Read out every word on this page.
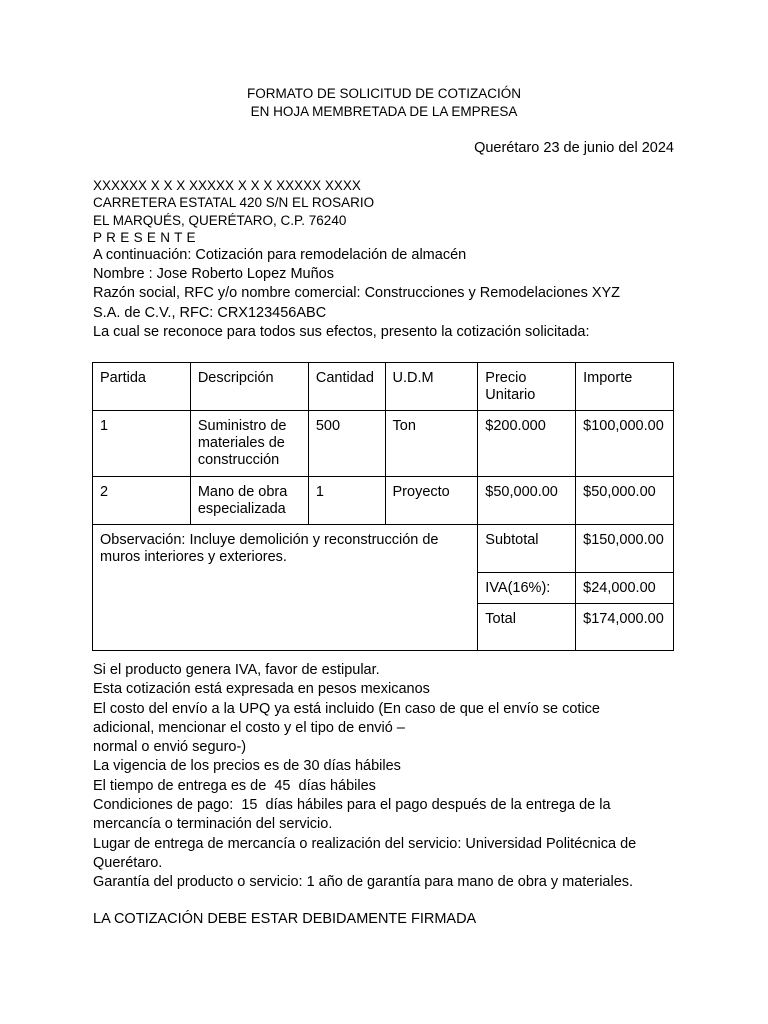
FORMATO DE SOLICITUD DE COTIZACIÓN
EN HOJA MEMBRETADA DE LA EMPRESA
Querétaro 23 de junio del 2024
XXXXXX X X X XXXXX X X X XXXXX XXXX
CARRETERA ESTATAL 420 S/N EL ROSARIO
EL MARQUÉS, QUERÉTARO, C.P. 76240
P R E S E N T E
A continuación: Cotización para remodelación de almacén
Nombre : Jose Roberto Lopez Muños
Razón social, RFC y/o nombre comercial: Construcciones y Remodelaciones XYZ
S.A. de C.V., RFC: CRX123456ABC
La cual se reconoce para todos sus efectos, presento la cotización solicitada:
Partida	Descripción	Cantidad	U.D.M	Precio Unitario	Importe
1	Suministro de materiales de construcción	500	Ton	$200.000	$100,000.00
2	Mano de obra especializada	1	Proyecto	$50,000.00	$50,000.00
Observación: Incluye demolición y reconstrucción de muros interiores y exteriores.				Subtotal	$150,000.00
				IVA(16%):	$24,000.00
				Total	$174,000.00
Si el producto genera IVA, favor de estipular.
Esta cotización está expresada en pesos mexicanos
El costo del envío a la UPQ ya está incluido (En caso de que el envío se cotice
adicional, mencionar el costo y el tipo de envió –
normal o envió seguro-)
La vigencia de los precios es de 30 días hábiles
El tiempo de entrega es de  45  días hábiles
Condiciones de pago:  15  días hábiles para el pago después de la entrega de la
mercancía o terminación del servicio.
Lugar de entrega de mercancía o realización del servicio: Universidad Politécnica de
Querétaro.
Garantía del producto o servicio: 1 año de garantía para mano de obra y materiales.
LA COTIZACIÓN DEBE ESTAR DEBIDAMENTE FIRMADA
